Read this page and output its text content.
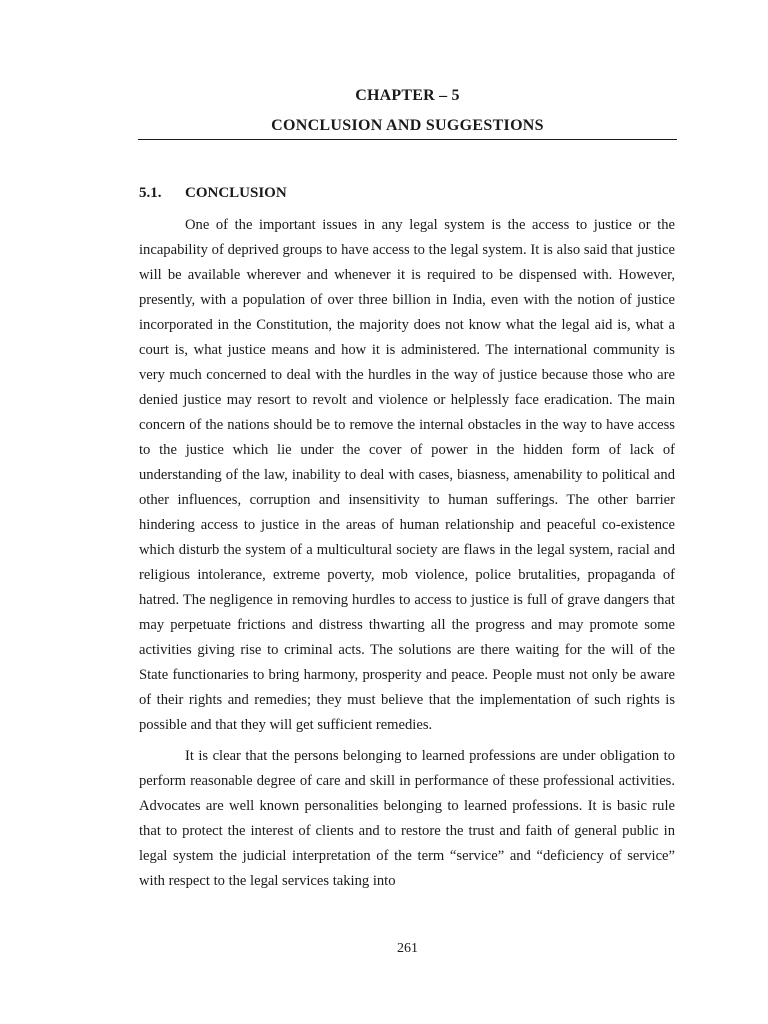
CHAPTER – 5
CONCLUSION AND SUGGESTIONS
5.1. CONCLUSION

One of the important issues in any legal system is the access to justice or the incapability of deprived groups to have access to the legal system. It is also said that justice will be available wherever and whenever it is required to be dispensed with. However, presently, with a population of over three billion in India, even with the notion of justice incorporated in the Constitution, the majority does not know what the legal aid is, what a court is, what justice means and how it is administered. The international community is very much concerned to deal with the hurdles in the way of justice because those who are denied justice may resort to revolt and violence or helplessly face eradication. The main concern of the nations should be to remove the internal obstacles in the way to have access to the justice which lie under the cover of power in the hidden form of lack of understanding of the law, inability to deal with cases, biasness, amenability to political and other influences, corruption and insensitivity to human sufferings. The other barrier hindering access to justice in the areas of human relationship and peaceful co-existence which disturb the system of a multicultural society are flaws in the legal system, racial and religious intolerance, extreme poverty, mob violence, police brutalities, propaganda of hatred. The negligence in removing hurdles to access to justice is full of grave dangers that may perpetuate frictions and distress thwarting all the progress and may promote some activities giving rise to criminal acts. The solutions are there waiting for the will of the State functionaries to bring harmony, prosperity and peace. People must not only be aware of their rights and remedies; they must believe that the implementation of such rights is possible and that they will get sufficient remedies.

It is clear that the persons belonging to learned professions are under obligation to perform reasonable degree of care and skill in performance of these professional activities. Advocates are well known personalities belonging to learned professions. It is basic rule that to protect the interest of clients and to restore the trust and faith of general public in legal system the judicial interpretation of the term “service” and “deficiency of service” with respect to the legal services taking into

261
